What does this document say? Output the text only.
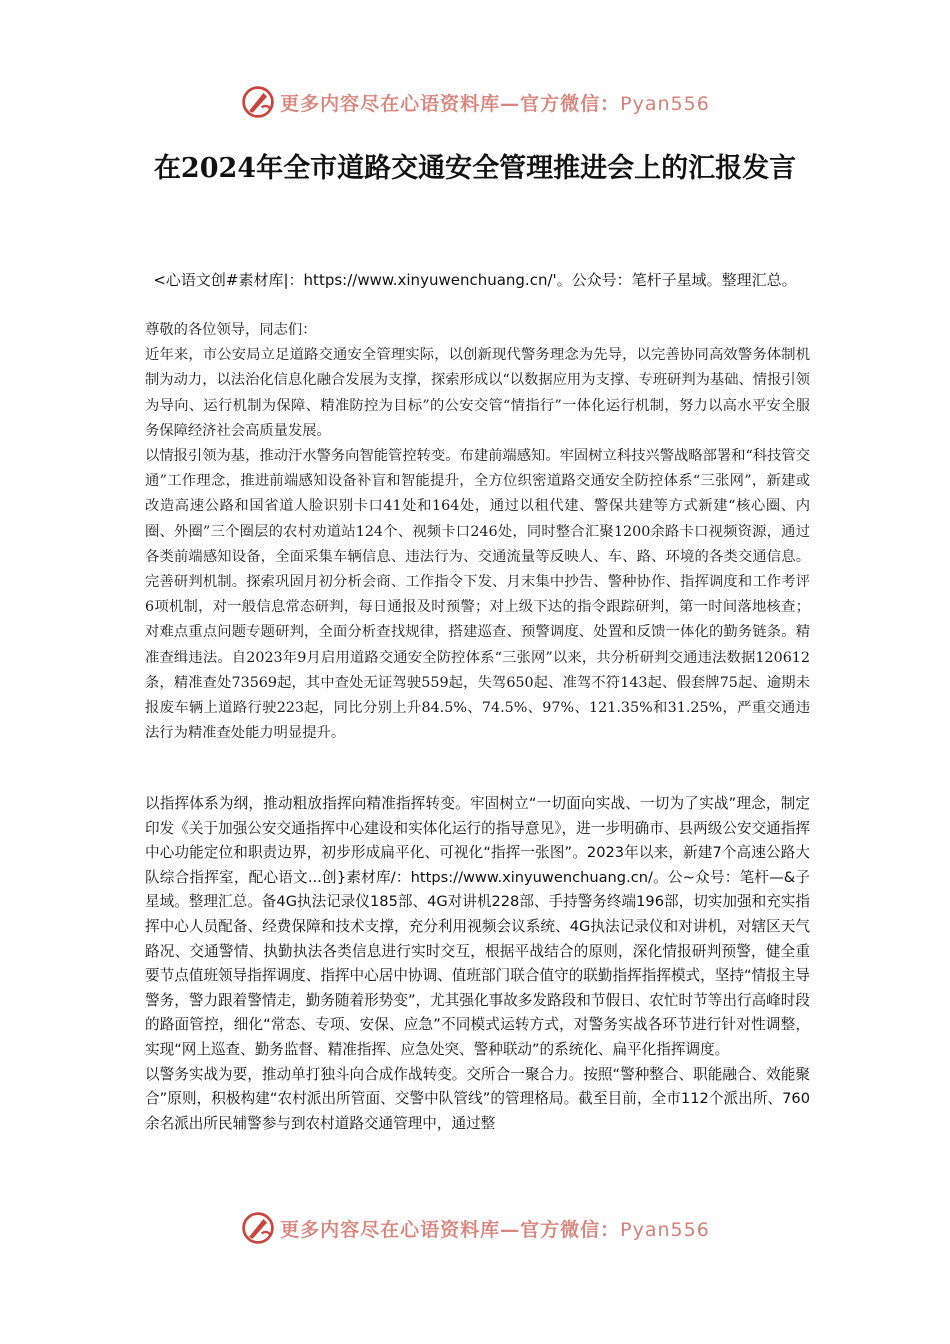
更多内容尽在心语资料库—官方微信：Pyan556
在2024年全市道路交通安全管理推进会上的汇报发言
<心语文创#素材库|：https://www.xinyuwenchuang.cn/'。公众号：笔杆子星域。整理汇总。

尊敬的各位领导，同志们：

近年来，市公安局立足道路交通安全管理实际，以创新现代警务理念为先导，以完善协同高效警务体制机制为动力，以法治化信息化融合发展为支撑，探索形成以“以数据应用为支撑、专班研判为基础、情报引领为导向、运行机制为保障、精准防控为目标”的公安交管“情指行”一体化运行机制，努力以高水平安全服务保障经济社会高质量发展。

以情报引领为基，推动汗水警务向智能管控转变。布建前端感知。牢固树立科技兴警战略部署和“科技管交通”工作理念，推进前端感知设备补盲和智能提升，全方位织密道路交通安全防控体系“三张网”，新建或改造高速公路和国省道人脸识别卡口41处和164处，通过以租代建、警保共建等方式新建“核心圈、内圈、外圈”三个圈层的农村劝道站124个、视频卡口246处，同时整合汇聚1200余路卡口视频资源，通过各类前端感知设备，全面采集车辆信息、违法行为、交通流量等反映人、车、路、环境的各类交通信息。完善研判机制。探索巩固月初分析会商、工作指令下发、月末集中抄告、警种协作、指挥调度和工作考评6项机制，对一般信息常态研判，每日通报及时预警；对上级下达的指令跟踪研判，第一时间落地核查；对难点重点问题专题研判，全面分析查找规律，搭建巡查、预警调度、处置和反馈一体化的勤务链条。精准查缉违法。自2023年9月启用道路交通安全防控体系“三张网”以来，共分析研判交通违法数据120612条，精准查处73569起，其中查处无证驾驶559起，失驾650起、准驾不符143起、假套牌75起、逾期未报废车辆上道路行驶223起，同比分别上升84.5%、74.5%、97%、121.35%和31.25%，严重交通违法行为精准查处能力明显提升。

以指挥体系为纲，推动粗放指挥向精准指挥转变。牢固树立“一切面向实战、一切为了实战”理念，制定印发《关于加强公安交通指挥中心建设和实体化运行的指导意见》，进一步明确市、县两级公安交通指挥中心功能定位和职责边界，初步形成扁平化、可视化“指挥一张图”。2023年以来，新建7个高速公路大队综合指挥室，配心语文...创}素材库/：https://www.xinyuwenchuang.cn/。公~众号：笔杆—&子星域。整理汇总。备4G执法记录仪185部、4G对讲机228部、手持警务终端196部，切实加强和充实指挥中心人员配备、经费保障和技术支撑，充分利用视频会议系统、4G执法记录仪和对讲机，对辖区天气路况、交通警情、执勤执法各类信息进行实时交互，根据平战结合的原则，深化情报研判预警，健全重要节点值班领导指挥调度、指挥中心居中协调、值班部门联合值守的联勤指挥指挥模式，坚持“情报主导警务，警力跟着警情走，勤务随着形势变”，尤其强化事故多发路段和节假日、农忙时节等出行高峰时段的路面管控，细化“常态、专项、安保、应急”不同模式运转方式，对警务实战各环节进行针对性调整，实现“网上巡查、勤务监督、精准指挥、应急处突、警种联动”的系统化、扁平化指挥调度。

以警务实战为要，推动单打独斗向合成作战转变。交所合一聚合力。按照“警种整合、职能融合、效能聚合”原则，积极构建“农村派出所管面、交警中队管线”的管理格局。截至目前，全市112个派出所、760余名派出所民辅警参与到农村道路交通管理中，通过整

更多内容尽在心语资料库—官方微信：Pyan556
